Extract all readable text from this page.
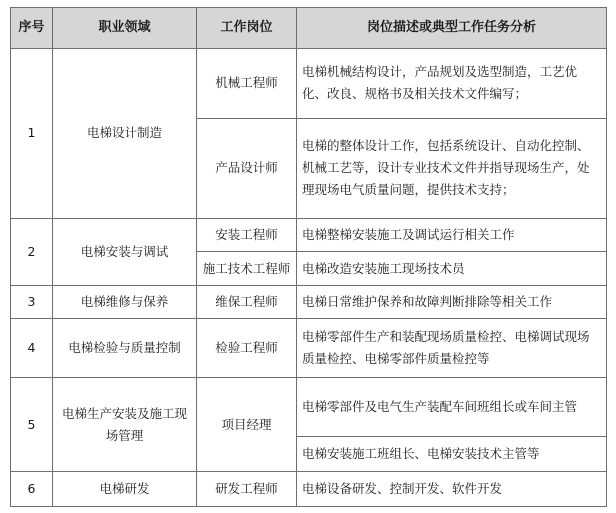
序号	职业领域	工作岗位	岗位描述或典型工作任务分析
1	电梯设计制造	机械工程师	电梯机械结构设计，产品规划及选型制造，工艺优化、改良、规格书及相关技术文件编写；
		产品设计师	电梯的整体设计工作，包括系统设计、自动化控制、机械工艺等，设计专业技术文件并指导现场生产，处理现场电气质量问题，提供技术支持；
2	电梯安装与调试	安装工程师	电梯整梯安装施工及调试运行相关工作
		施工技术工程师	电梯改造安装施工现场技术员
3	电梯维修与保养	维保工程师	电梯日常维护保养和故障判断排除等相关工作
4	电梯检验与质量控制	检验工程师	电梯零部件生产和装配现场质量检控、电梯调试现场质量检控、电梯零部件质量检控等
5	电梯生产安装及施工现场管理	项目经理	电梯零部件及电气生产装配车间班组长或车间主管
			电梯安装施工班组长、电梯安装技术主管等
6	电梯研发	研发工程师	电梯设备研发、控制开发、软件开发
